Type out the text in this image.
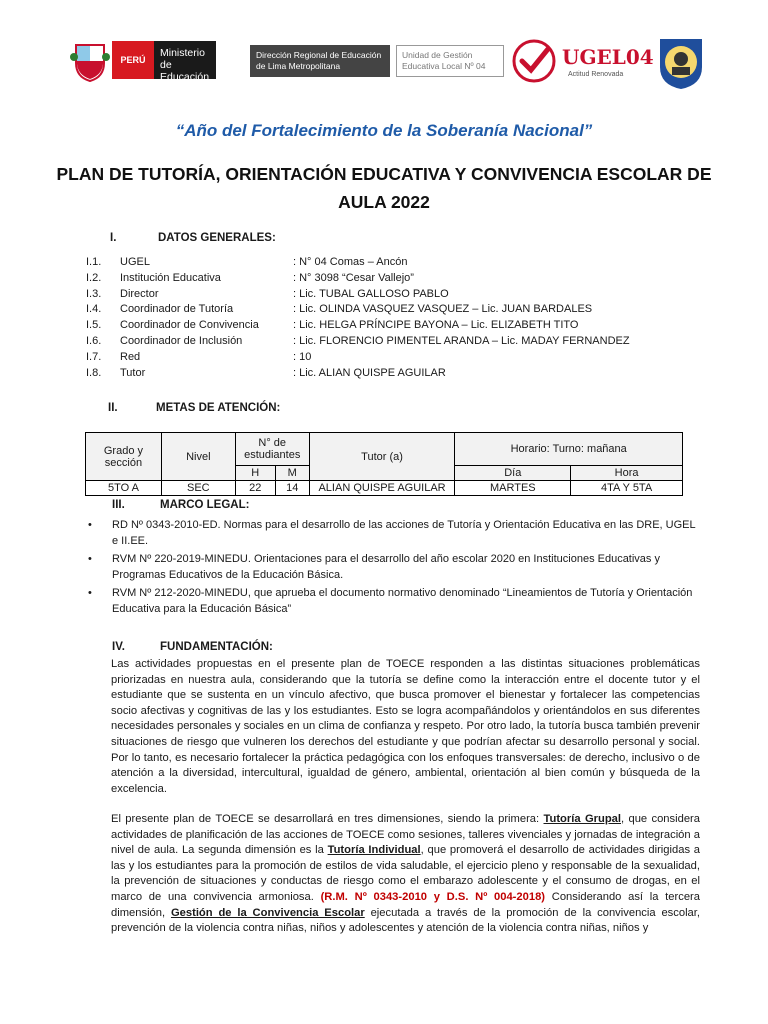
PERÚ
Ministerio
de Educación
Dirección Regional de Educación
de Lima Metropolitana
Unidad de Gestión
Educativa Local Nº 04	UGEL04
Actitud Renovada
“Año del Fortalecimiento de la Soberanía Nacional”
PLAN DE TUTORÍA, ORIENTACIÓN EDUCATIVA Y CONVIVENCIA ESCOLAR DE
AULA 2022
I.	DATOS GENERALES:
I.1. UGEL	: N° 04 Comas – Ancón
I.2. Institución Educativa	: N° 3098 “Cesar Vallejo”
I.3. Director	: Lic. TUBAL GALLOSO PABLO
I.4. Coordinador de Tutoría	: Lic. OLINDA VASQUEZ VASQUEZ – Lic. JUAN BARDALES
I.5. Coordinador de Convivencia	: Lic. HELGA PRÍNCIPE BAYONA – Lic. ELIZABETH TITO
I.6. Coordinador de Inclusión	: Lic. FLORENCIO PIMENTEL ARANDA – Lic. MADAY FERNANDEZ
I.7. Red	: 10
I.8. Tutor	: Lic. ALIAN QUISPE AGUILAR
II.	METAS DE ATENCIÓN:
Grado y sección	Nivel	N° de estudiantes		Tutor (a)	Horario: Turno: mañana	
		H	M		Día	Hora
5TO A	SEC	22	14	ALIAN QUISPE AGUILAR	MARTES	4TA Y 5TA
III.	MARCO LEGAL:
• RD Nº 0343-2010-ED. Normas para el desarrollo de las acciones de Tutoría y Orientación Educativa en las DRE, UGEL e II.EE.
• RVM Nº 220-2019-MINEDU. Orientaciones para el desarrollo del año escolar 2020 en Instituciones Educativas y Programas Educativos de la Educación Básica.
• RVM Nº 212-2020-MINEDU, que aprueba el documento normativo denominado “Lineamientos de Tutoría y Orientación Educativa para la Educación Básica”
IV.	FUNDAMENTACIÓN:
Las actividades propuestas en el presente plan de TOECE responden a las distintas situaciones problemáticas priorizadas en nuestra aula, considerando que la tutoría se define como la interacción entre el docente tutor y el estudiante que se sustenta en un vínculo afectivo, que busca promover el bienestar y fortalecer las competencias socio afectivas y cognitivas de las y los estudiantes. Esto se logra acompañándolos y orientándolos en sus diferentes necesidades personales y sociales en un clima de confianza y respeto. Por otro lado, la tutoría busca también prevenir situaciones de riesgo que vulneren los derechos del estudiante y que podrían afectar su desarrollo personal y social. Por lo tanto, es necesario fortalecer la práctica pedagógica con los enfoques transversales: de derecho, inclusivo o de atención a la diversidad, intercultural, igualdad de género, ambiental, orientación al bien común y búsqueda de la excelencia.
El presente plan de TOECE se desarrollará en tres dimensiones, siendo la primera: Tutoría Grupal, que considera actividades de planificación de las acciones de TOECE como sesiones, talleres vivenciales y jornadas de integración a nivel de aula. La segunda dimensión es la Tutoría Individual, que promoverá el desarrollo de actividades dirigidas a las y los estudiantes para la promoción de estilos de vida saludable, el ejercicio pleno y responsable de la sexualidad, la prevención de situaciones y conductas de riesgo como el embarazo adolescente y el consumo de drogas, en el marco de una convivencia armoniosa. (R.M. Nº 0343-2010 y D.S. Nº 004-2018) Considerando así la tercera dimensión, Gestión de la Convivencia Escolar ejecutada a través de la promoción de la convivencia escolar, prevención de la violencia contra niñas, niños y adolescentes y atención de la violencia contra niñas, niños y
